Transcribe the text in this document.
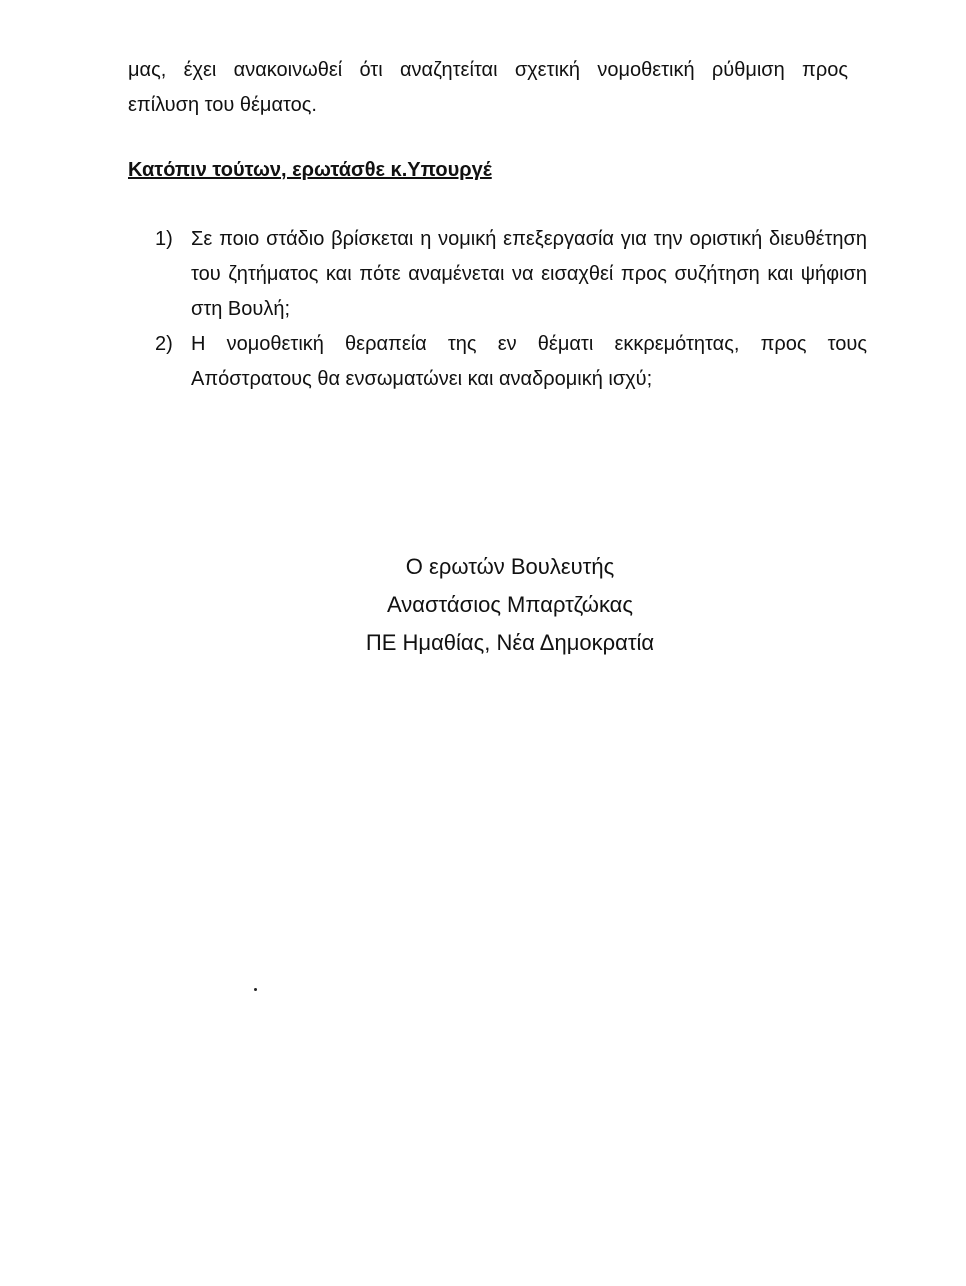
μας, έχει ανακοινωθεί ότι αναζητείται σχετική νομοθετική ρύθμιση προς
επίλυση του θέματος.
Κατόπιν τούτων, ερωτάσθε κ.Υπουργέ
1) Σε ποιο στάδιο βρίσκεται η νομική επεξεργασία για την οριστική διευθέτηση του ζητήματος και πότε αναμένεται να εισαχθεί προς συζήτηση και ψήφιση στη Βουλή;
2) Η νομοθετική θεραπεία της εν θέματι εκκρεμότητας, προς τους Απόστρατους θα ενσωματώνει και αναδρομική ισχύ;
Ο ερωτών Βουλευτής
Αναστάσιος Μπαρτζώκας
ΠΕ Ημαθίας, Νέα Δημοκρατία
